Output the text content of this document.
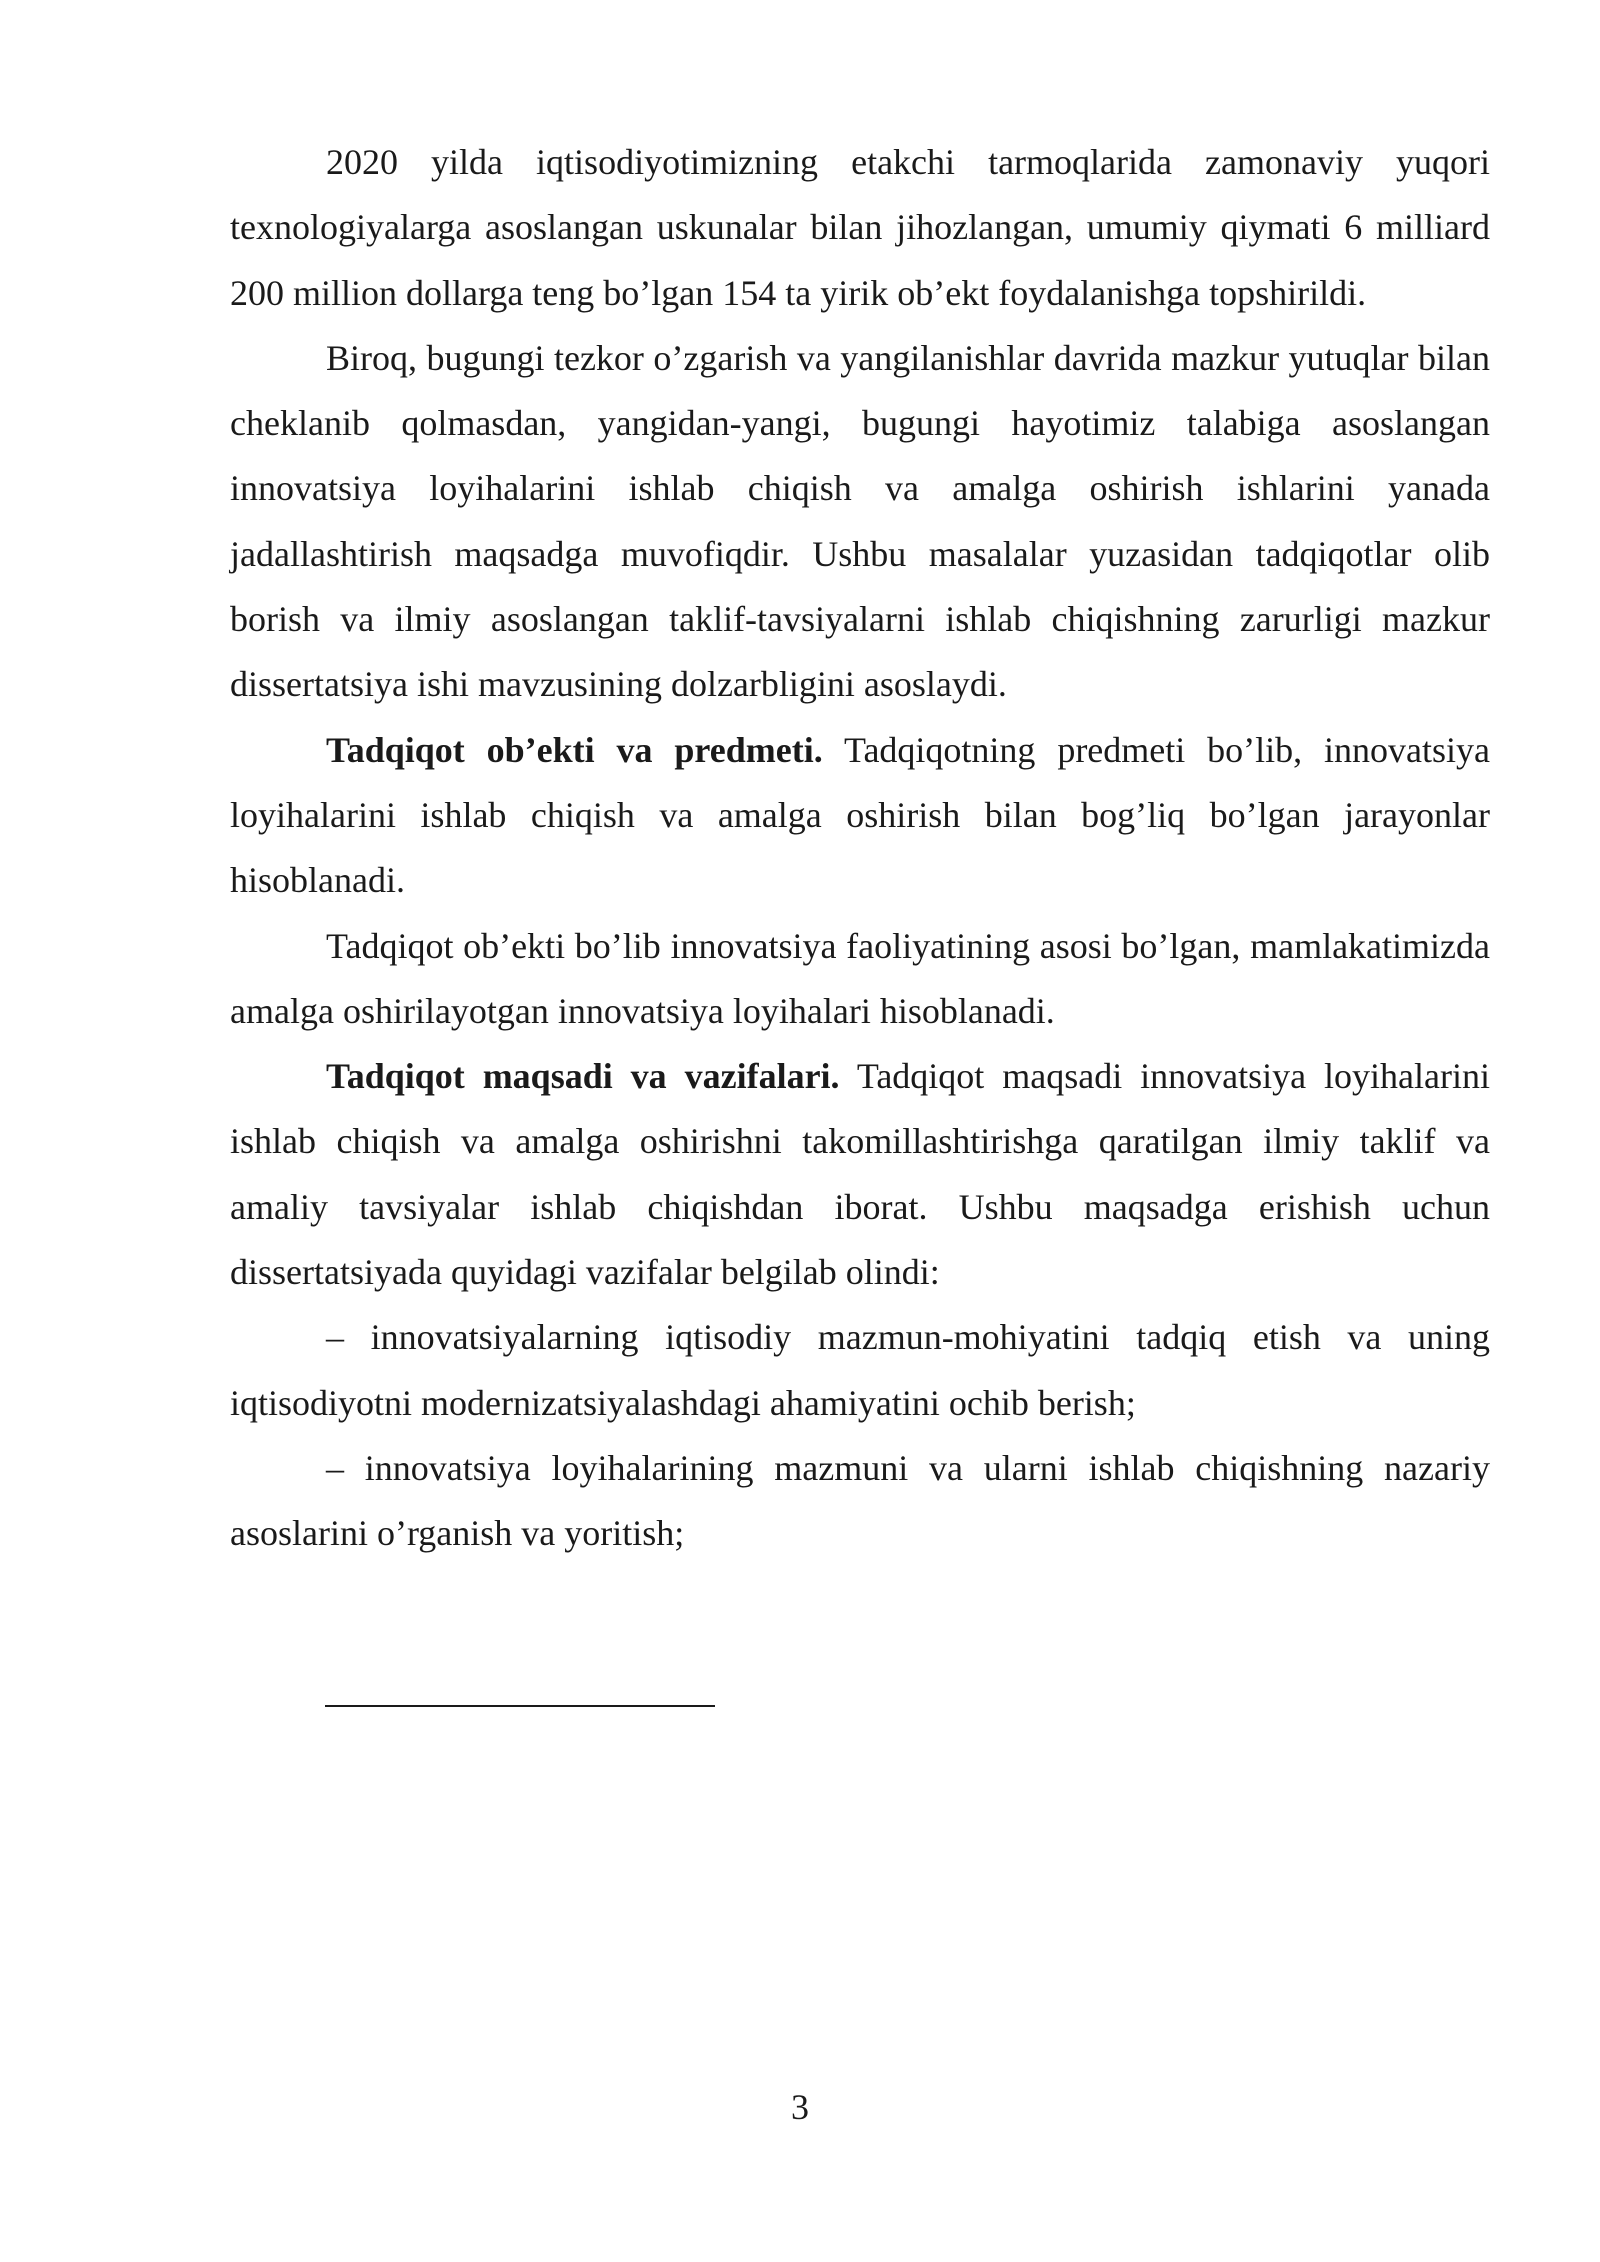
2020 yilda iqtisodiyotimizning etakchi tarmoqlarida zamonaviy yuqori texnologiyalarga asoslangan uskunalar bilan jihozlangan, umumiy qiymati 6 milliard 200 million dollarga teng bo’lgan 154 ta yirik ob’ekt foydalanishga topshirildi.

Biroq, bugungi tezkor o’zgarish va yangilanishlar davrida mazkur yutuqlar bilan cheklanib qolmasdan, yangidan-yangi, bugungi hayotimiz talabiga asoslangan innovatsiya loyihalarini ishlab chiqish va amalga oshirish ishlarini yanada jadallashtirish maqsadga muvofiqdir. Ushbu masalalar yuzasidan tadqiqotlar olib borish va ilmiy asoslangan taklif-tavsiyalarni ishlab chiqishning zarurligi mazkur dissertatsiya ishi mavzusining dolzarbligini asoslaydi.

Tadqiqot ob’ekti va predmeti. Tadqiqotning predmeti bo’lib, innovatsiya loyihalarini ishlab chiqish va amalga oshirish bilan bog’liq bo’lgan jarayonlar hisoblanadi.

Tadqiqot ob’ekti bo’lib innovatsiya faoliyatining asosi bo’lgan, mamlakatimizda amalga oshirilayotgan innovatsiya loyihalari hisoblanadi.

Tadqiqot maqsadi va vazifalari. Tadqiqot maqsadi innovatsiya loyihalarini ishlab chiqish va amalga oshirishni takomillashtirishga qaratilgan ilmiy taklif va amaliy tavsiyalar ishlab chiqishdan iborat. Ushbu maqsadga erishish uchun dissertatsiyada quyidagi vazifalar belgilab olindi:

– innovatsiyalarning iqtisodiy mazmun-mohiyatini tadqiq etish va uning iqtisodiyotni modernizatsiyalashdagi ahamiyatini ochib berish;

– innovatsiya loyihalarining mazmuni va ularni ishlab chiqishning nazariy asoslarini o’rganish va yoritish;

3
